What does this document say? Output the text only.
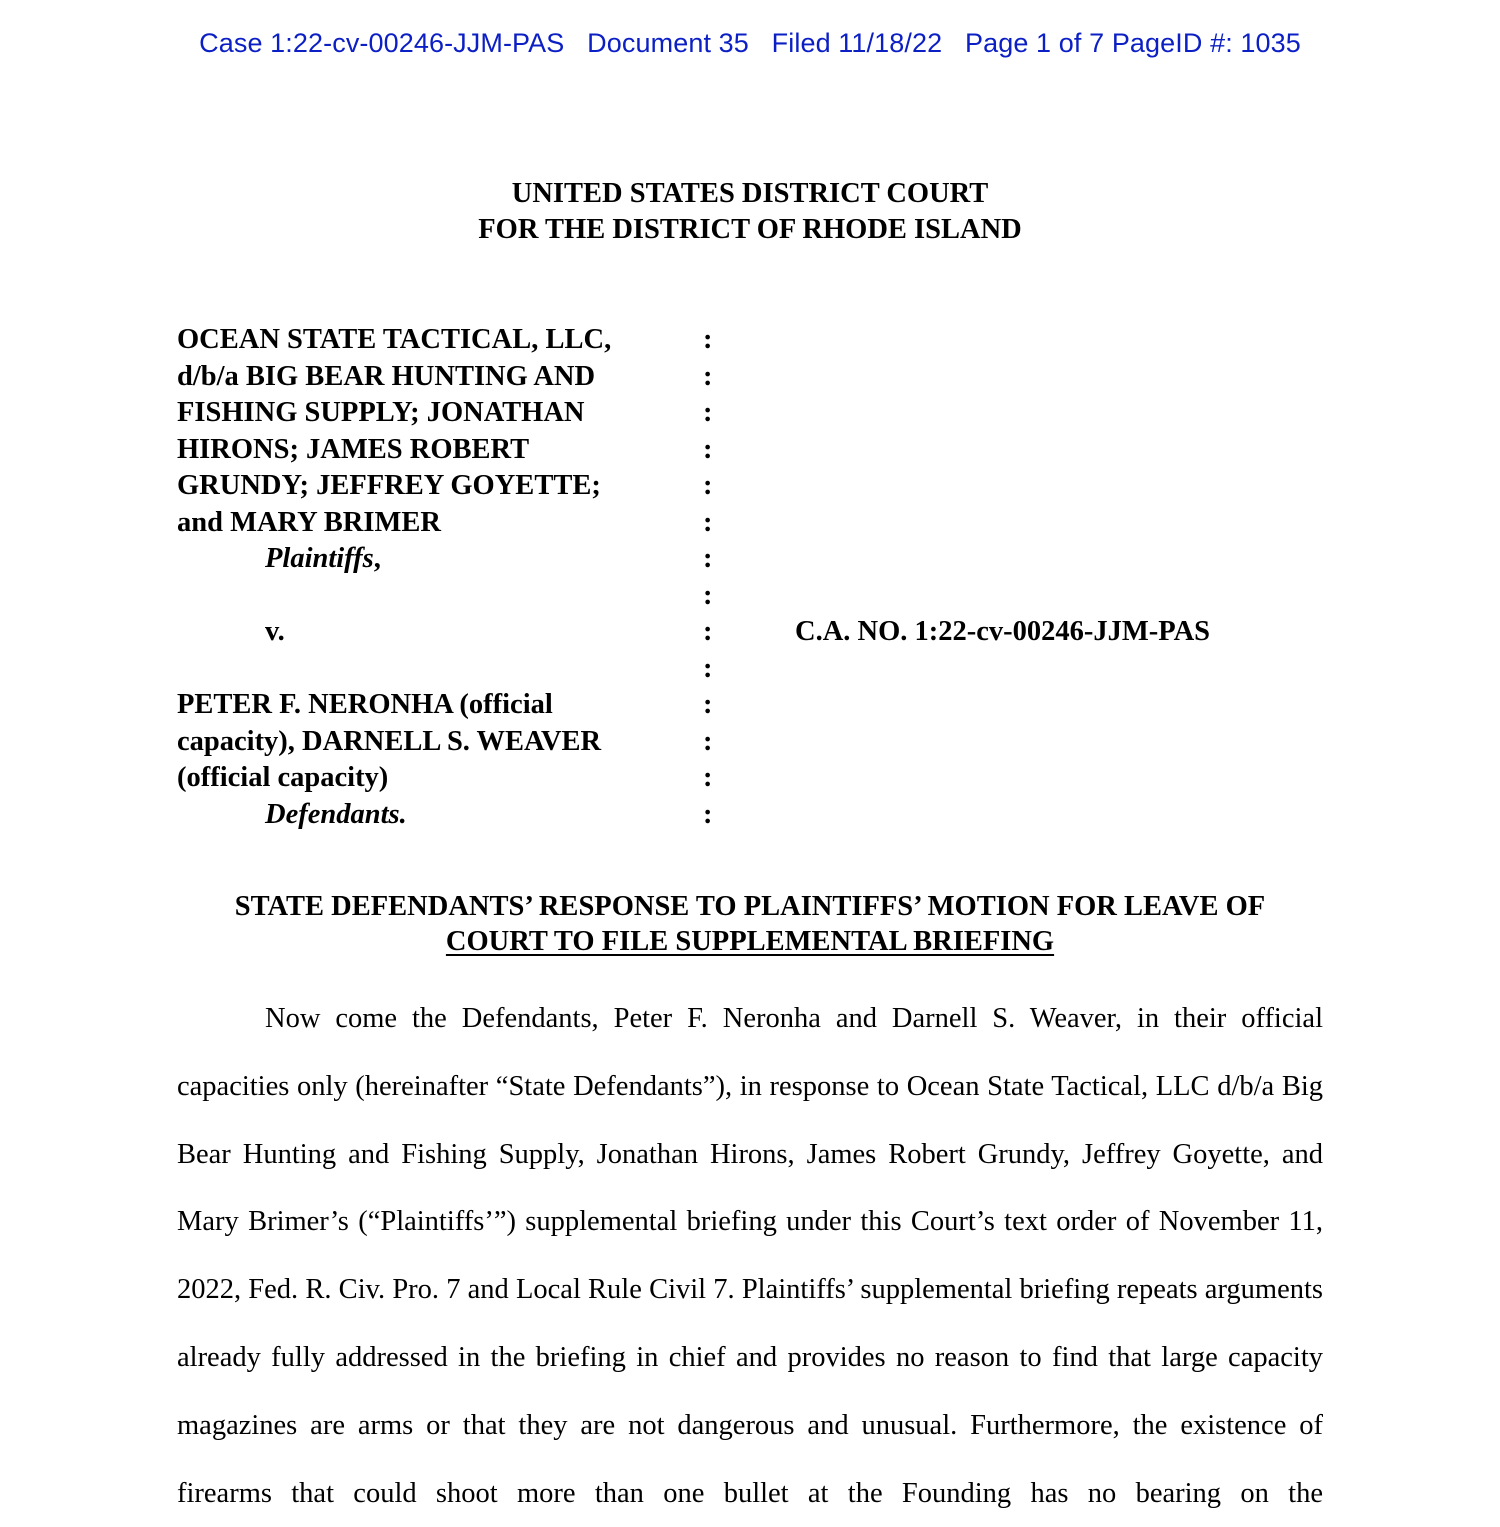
Case 1:22-cv-00246-JJM-PAS   Document 35   Filed 11/18/22   Page 1 of 7 PageID #: 1035
UNITED STATES DISTRICT COURT
FOR THE DISTRICT OF RHODE ISLAND
OCEAN STATE TACTICAL, LLC,
d/b/a BIG BEAR HUNTING AND
FISHING SUPPLY; JONATHAN
HIRONS; JAMES ROBERT
GRUNDY; JEFFREY GOYETTE;
and MARY BRIMER
Plaintiffs,
v.
PETER F. NERONHA (official
capacity), DARNELL S. WEAVER
(official capacity)
Defendants.
:
:
:
:
:
:
:
:
:
:
:
:
:
:
C.A. NO. 1:22-cv-00246-JJM-PAS
STATE DEFENDANTS’ RESPONSE TO PLAINTIFFS’ MOTION FOR LEAVE OF
COURT TO FILE SUPPLEMENTAL BRIEFING

Now come the Defendants, Peter F. Neronha and Darnell S. Weaver, in their official capacities only (hereinafter “State Defendants”), in response to Ocean State Tactical, LLC d/b/a Big Bear Hunting and Fishing Supply, Jonathan Hirons, James Robert Grundy, Jeffrey Goyette, and Mary Brimer’s (“Plaintiffs’”) supplemental briefing under this Court’s text order of November 11, 2022, Fed. R. Civ. Pro. 7 and Local Rule Civil 7. Plaintiffs’ supplemental briefing repeats arguments already fully addressed in the briefing in chief and provides no reason to find that large capacity magazines are arms or that they are not dangerous and unusual. Furthermore, the existence of firearms that could shoot more than one bullet at the Founding has no bearing on the
